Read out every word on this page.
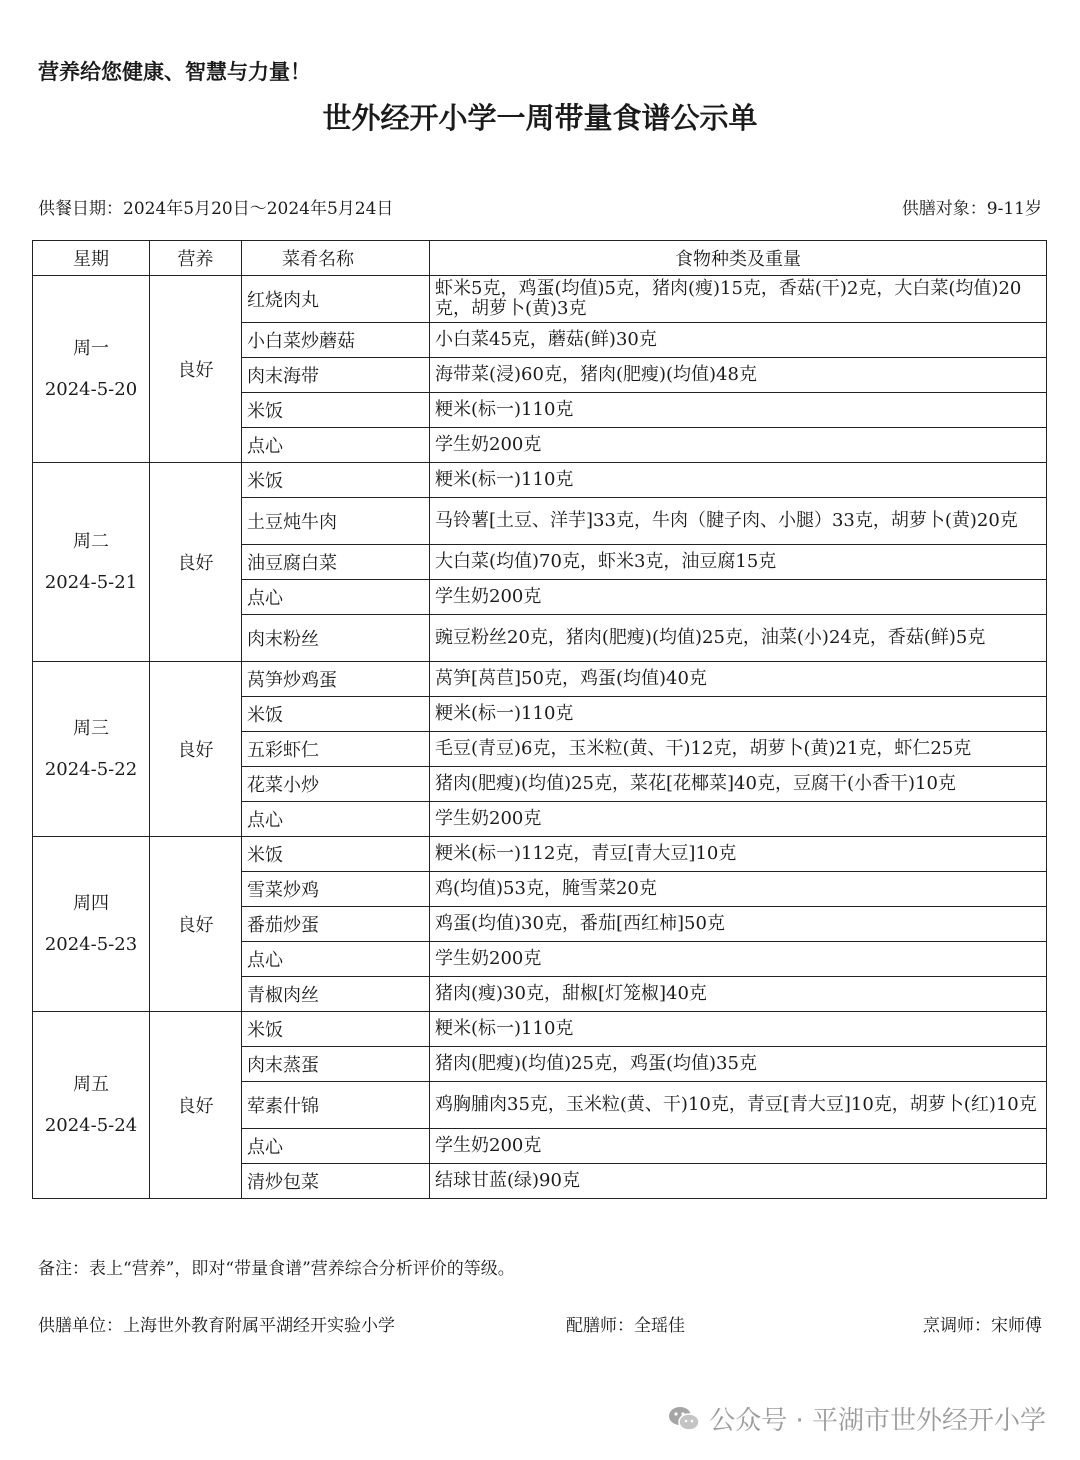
营养给您健康、智慧与力量！
世外经开小学一周带量食谱公示单
供餐日期：2024年5月20日～2024年5月24日	供膳对象：9-11岁
星期	营养	菜肴名称	食物种类及重量

周一
2024-5-20	良好	红烧肉丸	虾米5克，鸡蛋(均值)5克，猪肉(瘦)15克，香菇(干)2克，大白菜(均值)20克，胡萝卜(黄)3克
		小白菜炒蘑菇	小白菜45克，蘑菇(鲜)30克
		肉末海带	海带菜(浸)60克，猪肉(肥瘦)(均值)48克
		米饭	粳米(标一)110克
		点心	学生奶200克

周二
2024-5-21	良好	米饭	粳米(标一)110克
		土豆炖牛肉	马铃薯[土豆、洋芋]33克，牛肉（腱子肉、小腿）33克，胡萝卜(黄)20克
		油豆腐白菜	大白菜(均值)70克，虾米3克，油豆腐15克
		点心	学生奶200克
		肉末粉丝	豌豆粉丝20克，猪肉(肥瘦)(均值)25克，油菜(小)24克，香菇(鲜)5克

周三
2024-5-22	良好	莴笋炒鸡蛋	莴笋[莴苣]50克，鸡蛋(均值)40克
		米饭	粳米(标一)110克
		五彩虾仁	毛豆(青豆)6克，玉米粒(黄、干)12克，胡萝卜(黄)21克，虾仁25克
		花菜小炒	猪肉(肥瘦)(均值)25克，菜花[花椰菜]40克，豆腐干(小香干)10克
		点心	学生奶200克

周四
2024-5-23	良好	米饭	粳米(标一)112克，青豆[青大豆]10克
		雪菜炒鸡	鸡(均值)53克，腌雪菜20克
		番茄炒蛋	鸡蛋(均值)30克，番茄[西红柿]50克
		点心	学生奶200克
		青椒肉丝	猪肉(瘦)30克，甜椒[灯笼椒]40克

周五
2024-5-24	良好	米饭	粳米(标一)110克
		肉末蒸蛋	猪肉(肥瘦)(均值)25克，鸡蛋(均值)35克
		荤素什锦	鸡胸脯肉35克，玉米粒(黄、干)10克，青豆[青大豆]10克，胡萝卜(红)10克
		点心	学生奶200克
		清炒包菜	结球甘蓝(绿)90克
备注：表上“营养”，即对“带量食谱”营养综合分析评价的等级。
供膳单位：上海世外教育附属平湖经开实验小学	配膳师：全瑶佳	烹调师：宋师傅
公众号 · 平湖市世外经开小学
